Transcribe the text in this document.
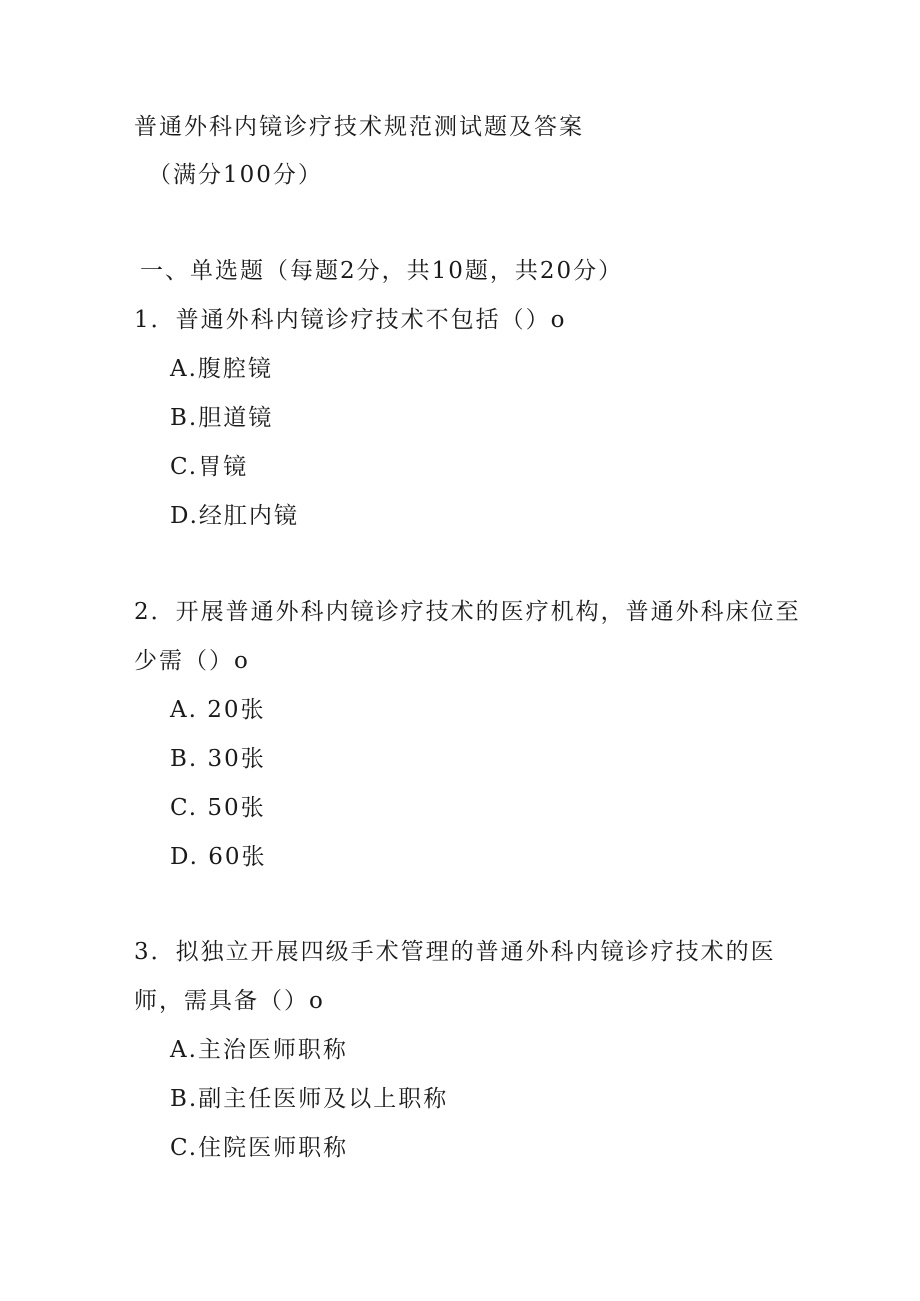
普通外科内镜诊疗技术规范测试题及答案
（满分100分）
一、单选题（每题2分，共10题，共20分）
1．普通外科内镜诊疗技术不包括（）o
A.腹腔镜
B.胆道镜
C.胃镜
D.经肛内镜
2．开展普通外科内镜诊疗技术的医疗机构，普通外科床位至
少需（）o
A. 20张
B. 30张
C. 50张
D. 60张
3．拟独立开展四级手术管理的普通外科内镜诊疗技术的医
师，需具备（）o
A.主治医师职称
B.副主任医师及以上职称
C.住院医师职称
